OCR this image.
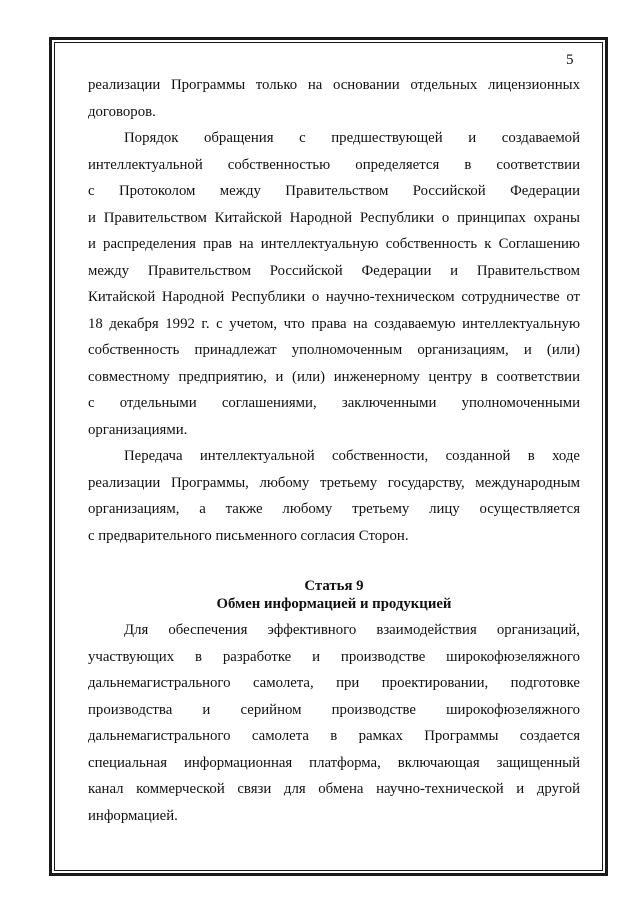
5
реализации Программы только на основании отдельных лицензионных
договоров.
Порядок обращения с предшествующей и создаваемой
интеллектуальной собственностью определяется в соответствии
с Протоколом между Правительством Российской Федерации
и Правительством Китайской Народной Республики о принципах охраны
и распределения прав на интеллектуальную собственность к Соглашению
между Правительством Российской Федерации и Правительством
Китайской Народной Республики о научно-техническом сотрудничестве от
18 декабря 1992 г. с учетом, что права на создаваемую интеллектуальную
собственность принадлежат уполномоченным организациям, и (или)
совместному предприятию, и (или) инженерному центру в соответствии
с отдельными соглашениями, заключенными уполномоченными
организациями.
Передача интеллектуальной собственности, созданной в ходе
реализации Программы, любому третьему государству, международным
организациям, а также любому третьему лицу осуществляется
с предварительного письменного согласия Сторон.

Статья 9

Обмен информацией и продукцией

Для обеспечения эффективного взаимодействия организаций,
участвующих в разработке и производстве широкофюзеляжного
дальнемагистрального самолета, при проектировании, подготовке
производства и серийном производстве широкофюзеляжного
дальнемагистрального самолета в рамках Программы создается
специальная информационная платформа, включающая защищенный
канал коммерческой связи для обмена научно-технической и другой
информацией.
